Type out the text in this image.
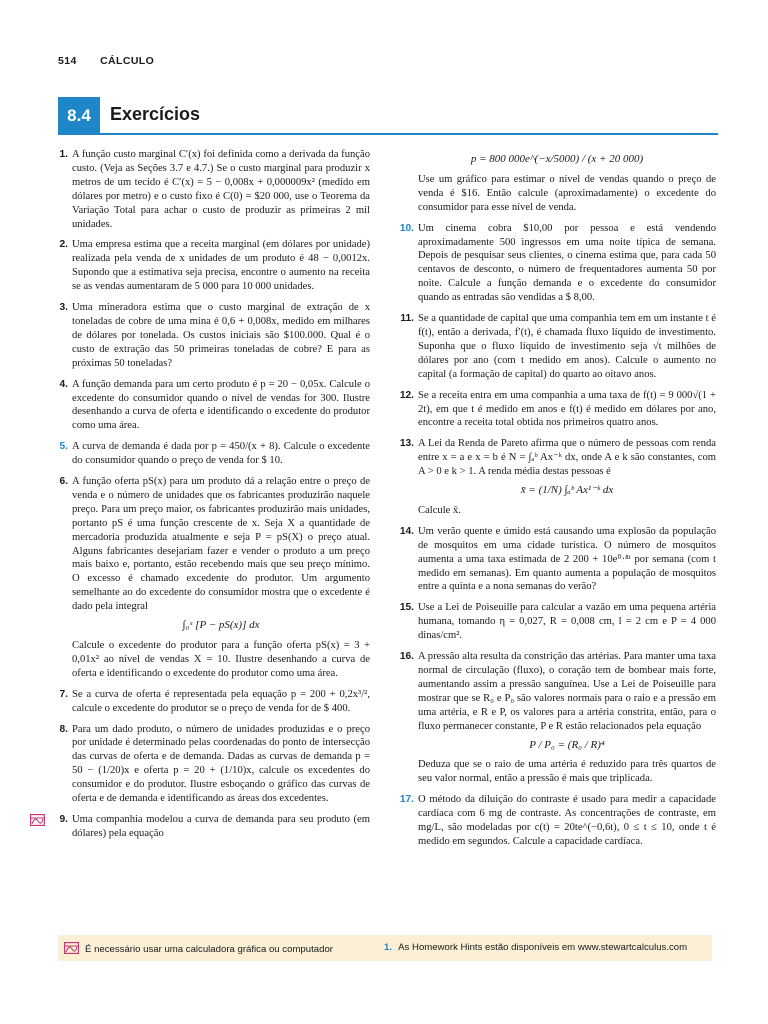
514 CÁLCULO
8.4	Exercícios
1. A função custo marginal C′(x) foi definida como a derivada da função custo. (Veja as Seções 3.7 e 4.7.) Se o custo marginal para produzir x metros de um tecido é C′(x) = 5 − 0,008x + 0,000009x² (medido em dólares por metro) e o custo fixo é C(0) = $20 000, use o Teorema da Variação Total para achar o custo de produzir as primeiras 2 mil unidades.

2. Uma empresa estima que a receita marginal (em dólares por unidade) realizada pela venda de x unidades de um produto é 48 − 0,0012x. Supondo que a estimativa seja precisa, encontre o aumento na receita se as vendas aumentaram de 5 000 para 10 000 unidades.

3. Uma mineradora estima que o custo marginal de extração de x toneladas de cobre de uma mina é 0,6 + 0,008x, medido em milhares de dólares por tonelada. Os custos iniciais são $100.000. Qual é o custo de extração das 50 primeiras toneladas de cobre? E para as próximas 50 toneladas?

4. A função demanda para um certo produto é p = 20 − 0,05x. Calcule o excedente do consumidor quando o nível de vendas for 300. Ilustre desenhando a curva de oferta e identificando o excedente do produtor como uma área.

5. A curva de demanda é dada por p = 450/(x + 8). Calcule o excedente do consumidor quando o preço de venda for $ 10.

6. A função oferta pS(x) para um produto dá a relação entre o preço de venda e o número de unidades que os fabricantes produzirão naquele preço. Para um preço maior, os fabricantes produzirão mais unidades, portanto pS é uma função crescente de x. Seja X a quantidade de mercadoria produzida atualmente e seja P = pS(X) o preço atual. Alguns fabricantes desejariam fazer e vender o produto a um preço mais baixo e, portanto, estão recebendo mais que seu preço mínimo. O excesso é chamado excedente do produtor. Um argumento semelhante ao do excedente do consumidor mostra que o excedente é dado pela integral

∫₀ˣ [P − pS(x)] dx

Calcule o excedente do produtor para a função oferta pS(x) = 3 + 0,01x² ao nível de vendas X = 10. Ilustre desenhando a curva de oferta e identificando o excedente do produtor como uma área.

7. Se a curva de oferta é representada pela equação p = 200 + 0,2x³/², calcule o excedente do produtor se o preço de venda for de $ 400.

8. Para um dado produto, o número de unidades produzidas e o preço por unidade é determinado pelas coordenadas do ponto de intersecção das curvas de oferta e de demanda. Dadas as curvas de demanda p = 50 − (1/20)x e oferta p = 20 + (1/10)x, calcule os excedentes do consumidor e do produtor. Ilustre esboçando o gráfico das curvas de oferta e de demanda e identificando as áreas dos excedentes.

9. Uma companhia modelou a curva de demanda para seu produto (em dólares) pela equação

p = 800 000e^(−x/5000) / (x + 20 000)
Use um gráfico para estimar o nível de vendas quando o preço de venda é $16. Então calcule (aproximadamente) o excedente do consumidor para esse nível de venda.
10. Um cinema cobra $10,00 por pessoa e está vendendo aproximadamente 500 ingressos em uma noite típica de semana. Depois de pesquisar seus clientes, o cinema estima que, para cada 50 centavos de desconto, o número de frequentadores aumenta 50 por noite. Calcule a função demanda e o excedente do consumidor quando as entradas são vendidas a $ 8,00.

11. Se a quantidade de capital que uma companhia tem em um instante t é f(t), então a derivada, f′(t), é chamada fluxo líquido de investimento. Suponha que o fluxo líquido de investimento seja √t milhões de dólares por ano (com t medido em anos). Calcule o aumento no capital (a formação de capital) do quarto ao oitavo anos.

12. Se a receita entra em uma companhia a uma taxa de f(t) = 9 000√(1 + 2t), em que t é medido em anos e f(t) é medido em dólares por ano, encontre a receita total obtida nos primeiros quatro anos.

13. A Lei da Renda de Pareto afirma que o número de pessoas com renda entre x = a e x = b é N = ∫ₐᵇ Ax⁻ᵏ dx, onde A e k são constantes, com A > 0 e k > 1. A renda média destas pessoas é

x̄ = (1/N) ∫ₐᵇ Ax¹⁻ᵏ dx

Calcule x̄.

14. Um verão quente e úmido está causando uma explosão da população de mosquitos em uma cidade turística. O número de mosquitos aumenta a uma taxa estimada de 2 200 + 10e⁰·⁸ᵗ por semana (com t medido em semanas). Em quanto aumenta a população de mosquitos entre a quinta e a nona semanas do verão?

15. Use a Lei de Poiseuille para calcular a vazão em uma pequena artéria humana, tomando η = 0,027, R = 0,008 cm, l = 2 cm e P = 4 000 dinas/cm².

16. A pressão alta resulta da constrição das artérias. Para manter uma taxa normal de circulação (fluxo), o coração tem de bombear mais forte, aumentando assim a pressão sanguínea. Use a Lei de Poiseuille para mostrar que se R₀ e P₀ são valores normais para o raio e a pressão em uma artéria, e R e P, os valores para a artéria constrita, então, para o fluxo permanecer constante, P e R estão relacionados pela equação

P / P₀ = (R₀ / R)⁴

Deduza que se o raio de uma artéria é reduzido para três quartos de seu valor normal, então a pressão é mais que triplicada.

17. O método da diluição do contraste é usado para medir a capacidade cardíaca com 6 mg de contraste. As concentrações de contraste, em mg/L, são modeladas por c(t) = 20te^(−0,6t), 0 ≤ t ≤ 10, onde t é medido em segundos. Calcule a capacidade cardíaca.

É necessário usar uma calculadora gráfica ou computador	1. As Homework Hints estão disponíveis em www.stewartcalculus.com
